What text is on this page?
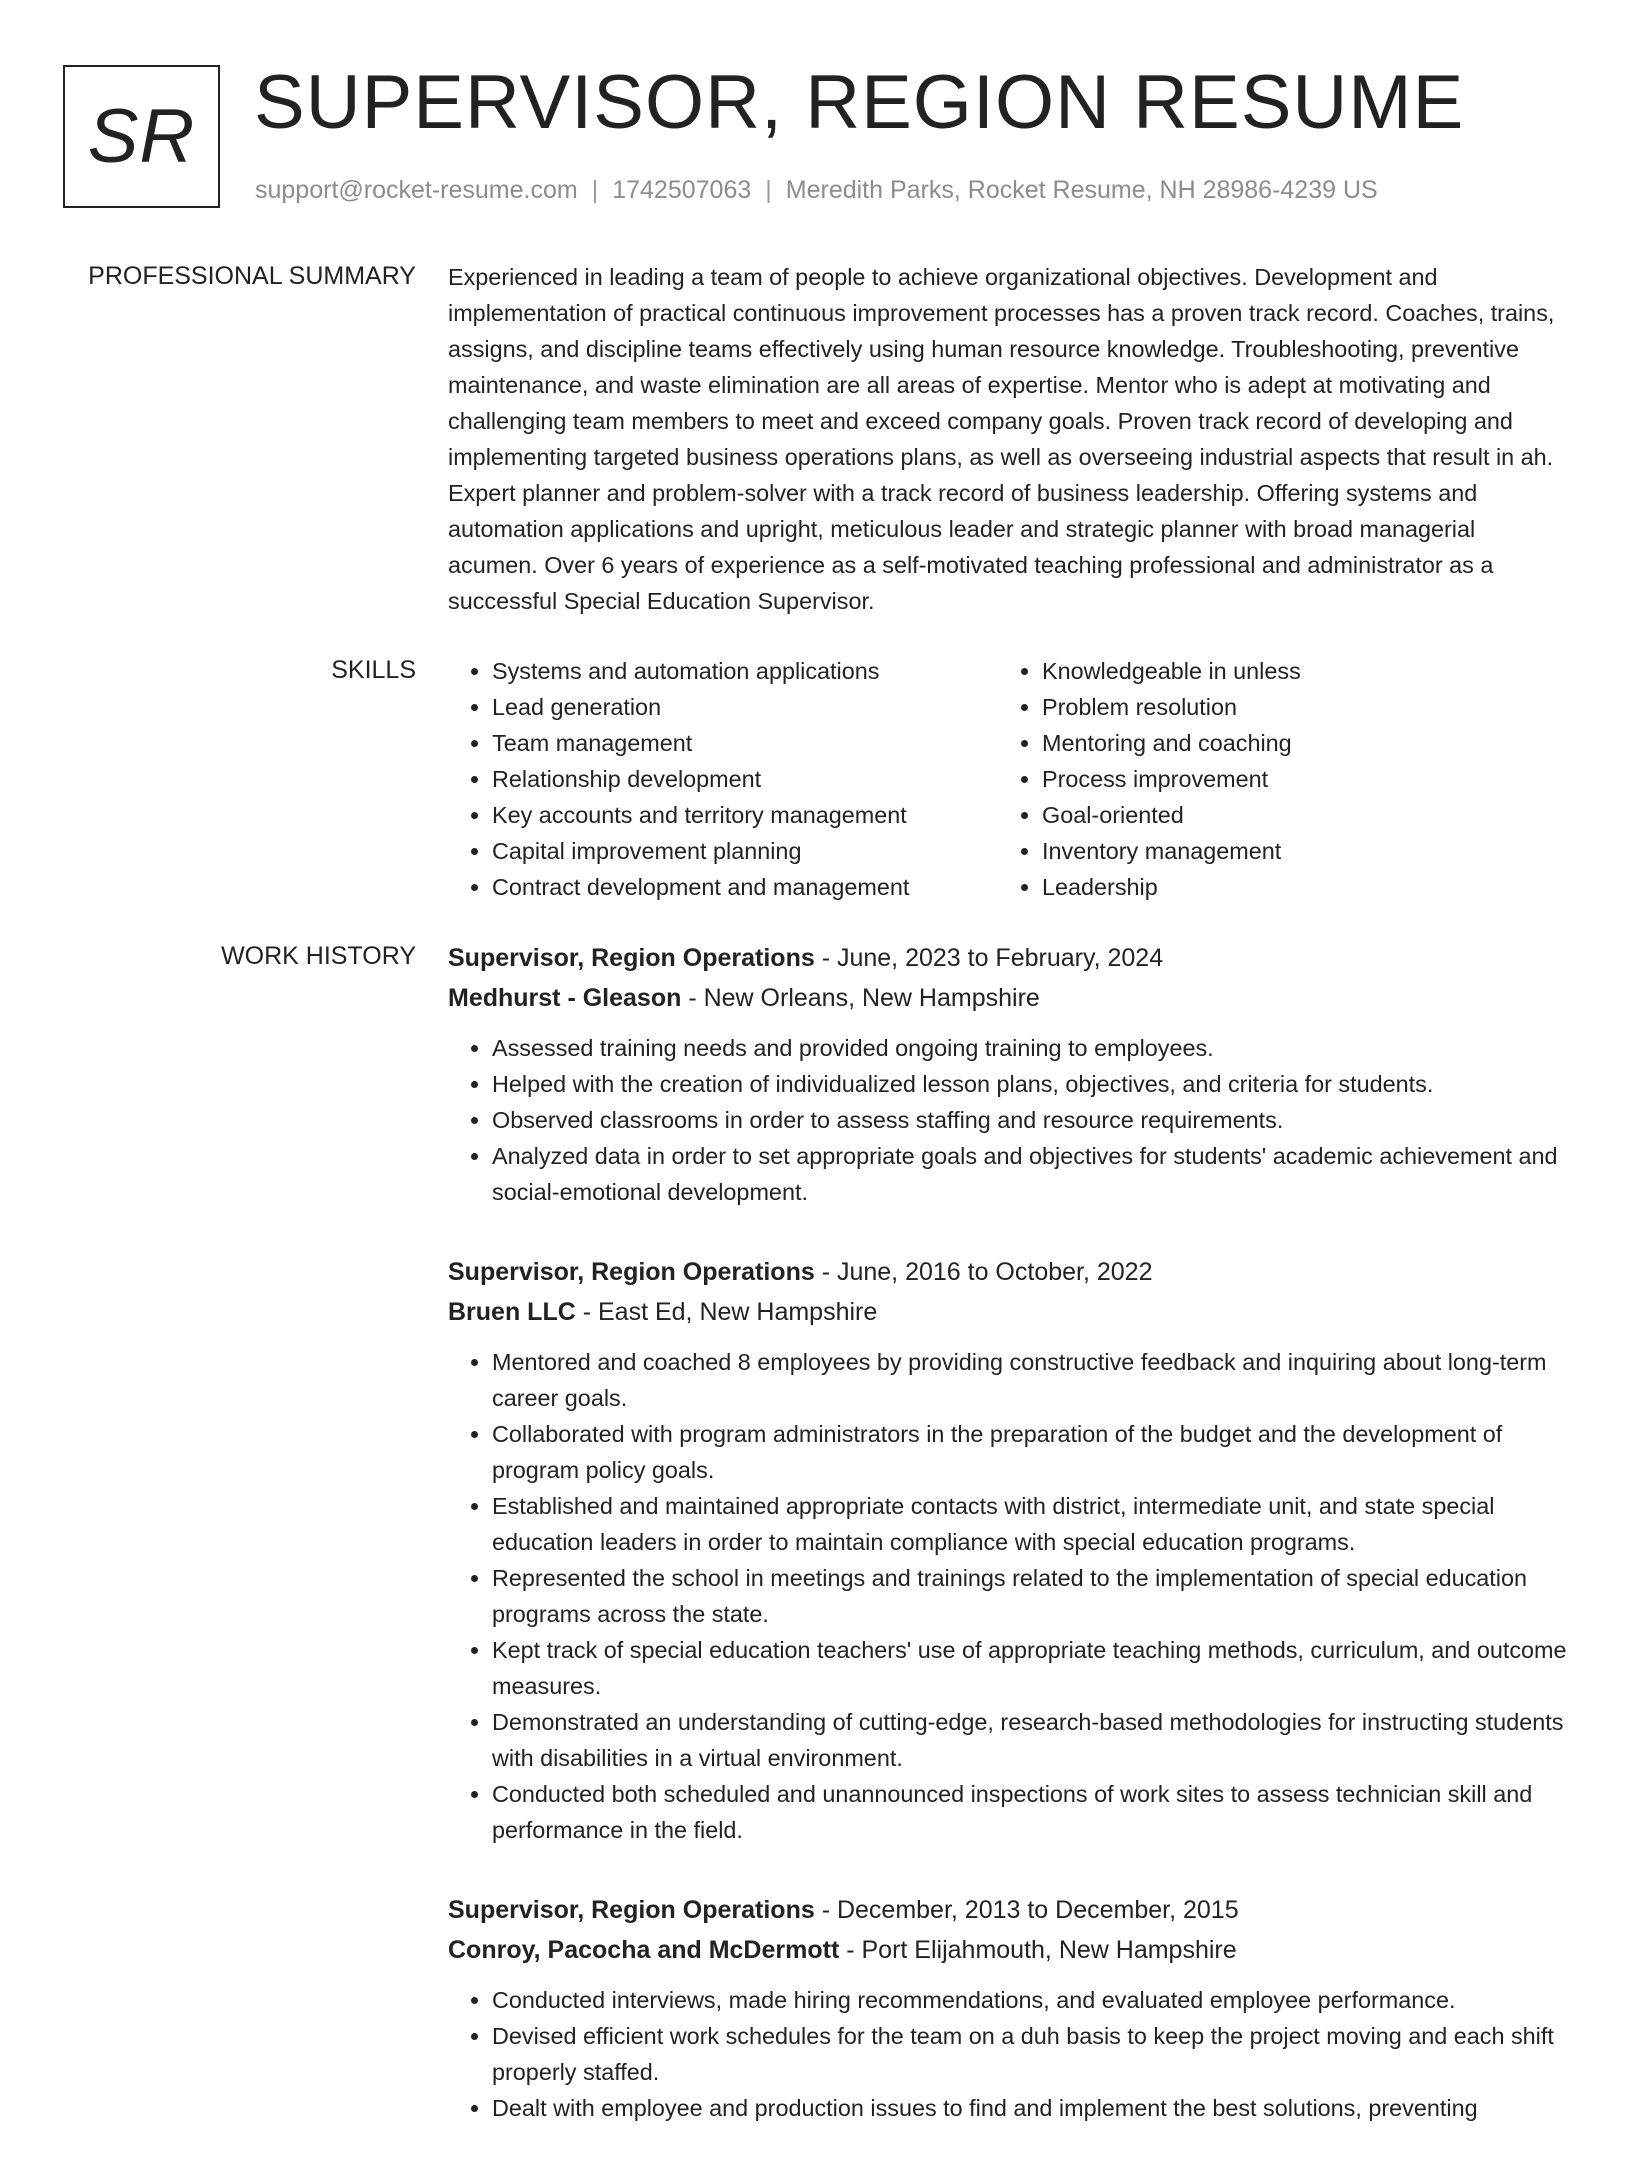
SR SUPERVISOR, REGION RESUME
support@rocket-resume.com | 1742507063 | Meredith Parks, Rocket Resume, NH 28986-4239 US
PROFESSIONAL SUMMARY Experienced in leading a team of people to achieve organizational objectives. Development and implementation of practical continuous improvement processes has a proven track record. Coaches, trains, assigns, and discipline teams effectively using human resource knowledge. Troubleshooting, preventive maintenance, and waste elimination are all areas of expertise. Mentor who is adept at motivating and challenging team members to meet and exceed company goals. Proven track record of developing and implementing targeted business operations plans, as well as overseeing industrial aspects that result in ah. Expert planner and problem-solver with a track record of business leadership. Offering systems and automation applications and upright, meticulous leader and strategic planner with broad managerial acumen. Over 6 years of experience as a self-motivated teaching professional and administrator as a successful Special Education Supervisor.

SKILLS
•	Systems and automation applications
• Lead generation
• Team management
• Relationship development
• Key accounts and territory management
• Capital improvement planning
• Contract development and management
• Knowledgeable in unless
• Problem resolution
• Mentoring and coaching
• Process improvement
• Goal-oriented
• Inventory management
• Leadership
WORK HISTORY Supervisor, Region Operations - June, 2023 to February, 2024
Medhurst - Gleason - New Orleans, New Hampshire
• Assessed training needs and provided ongoing training to employees.
• Helped with the creation of individualized lesson plans, objectives, and criteria for students.
• Observed classrooms in order to assess staffing and resource requirements.
• Analyzed data in order to set appropriate goals and objectives for students' academic achievement and social-emotional development.
Supervisor, Region Operations - June, 2016 to October, 2022
Bruen LLC - East Ed, New Hampshire
• Mentored and coached 8 employees by providing constructive feedback and inquiring about long-term career goals.
• Collaborated with program administrators in the preparation of the budget and the development of program policy goals.
• Established and maintained appropriate contacts with district, intermediate unit, and state special education leaders in order to maintain compliance with special education programs.
• Represented the school in meetings and trainings related to the implementation of special education programs across the state.
• Kept track of special education teachers' use of appropriate teaching methods, curriculum, and outcome measures.
• Demonstrated an understanding of cutting-edge, research-based methodologies for instructing students with disabilities in a virtual environment.
• Conducted both scheduled and unannounced inspections of work sites to assess technician skill and performance in the field.
Supervisor, Region Operations - December, 2013 to December, 2015
Conroy, Pacocha and McDermott - Port Elijahmouth, New Hampshire
• Conducted interviews, made hiring recommendations, and evaluated employee performance.
• Devised efficient work schedules for the team on a duh basis to keep the project moving and each shift properly staffed.
• Dealt with employee and production issues to find and implement the best solutions, preventing
